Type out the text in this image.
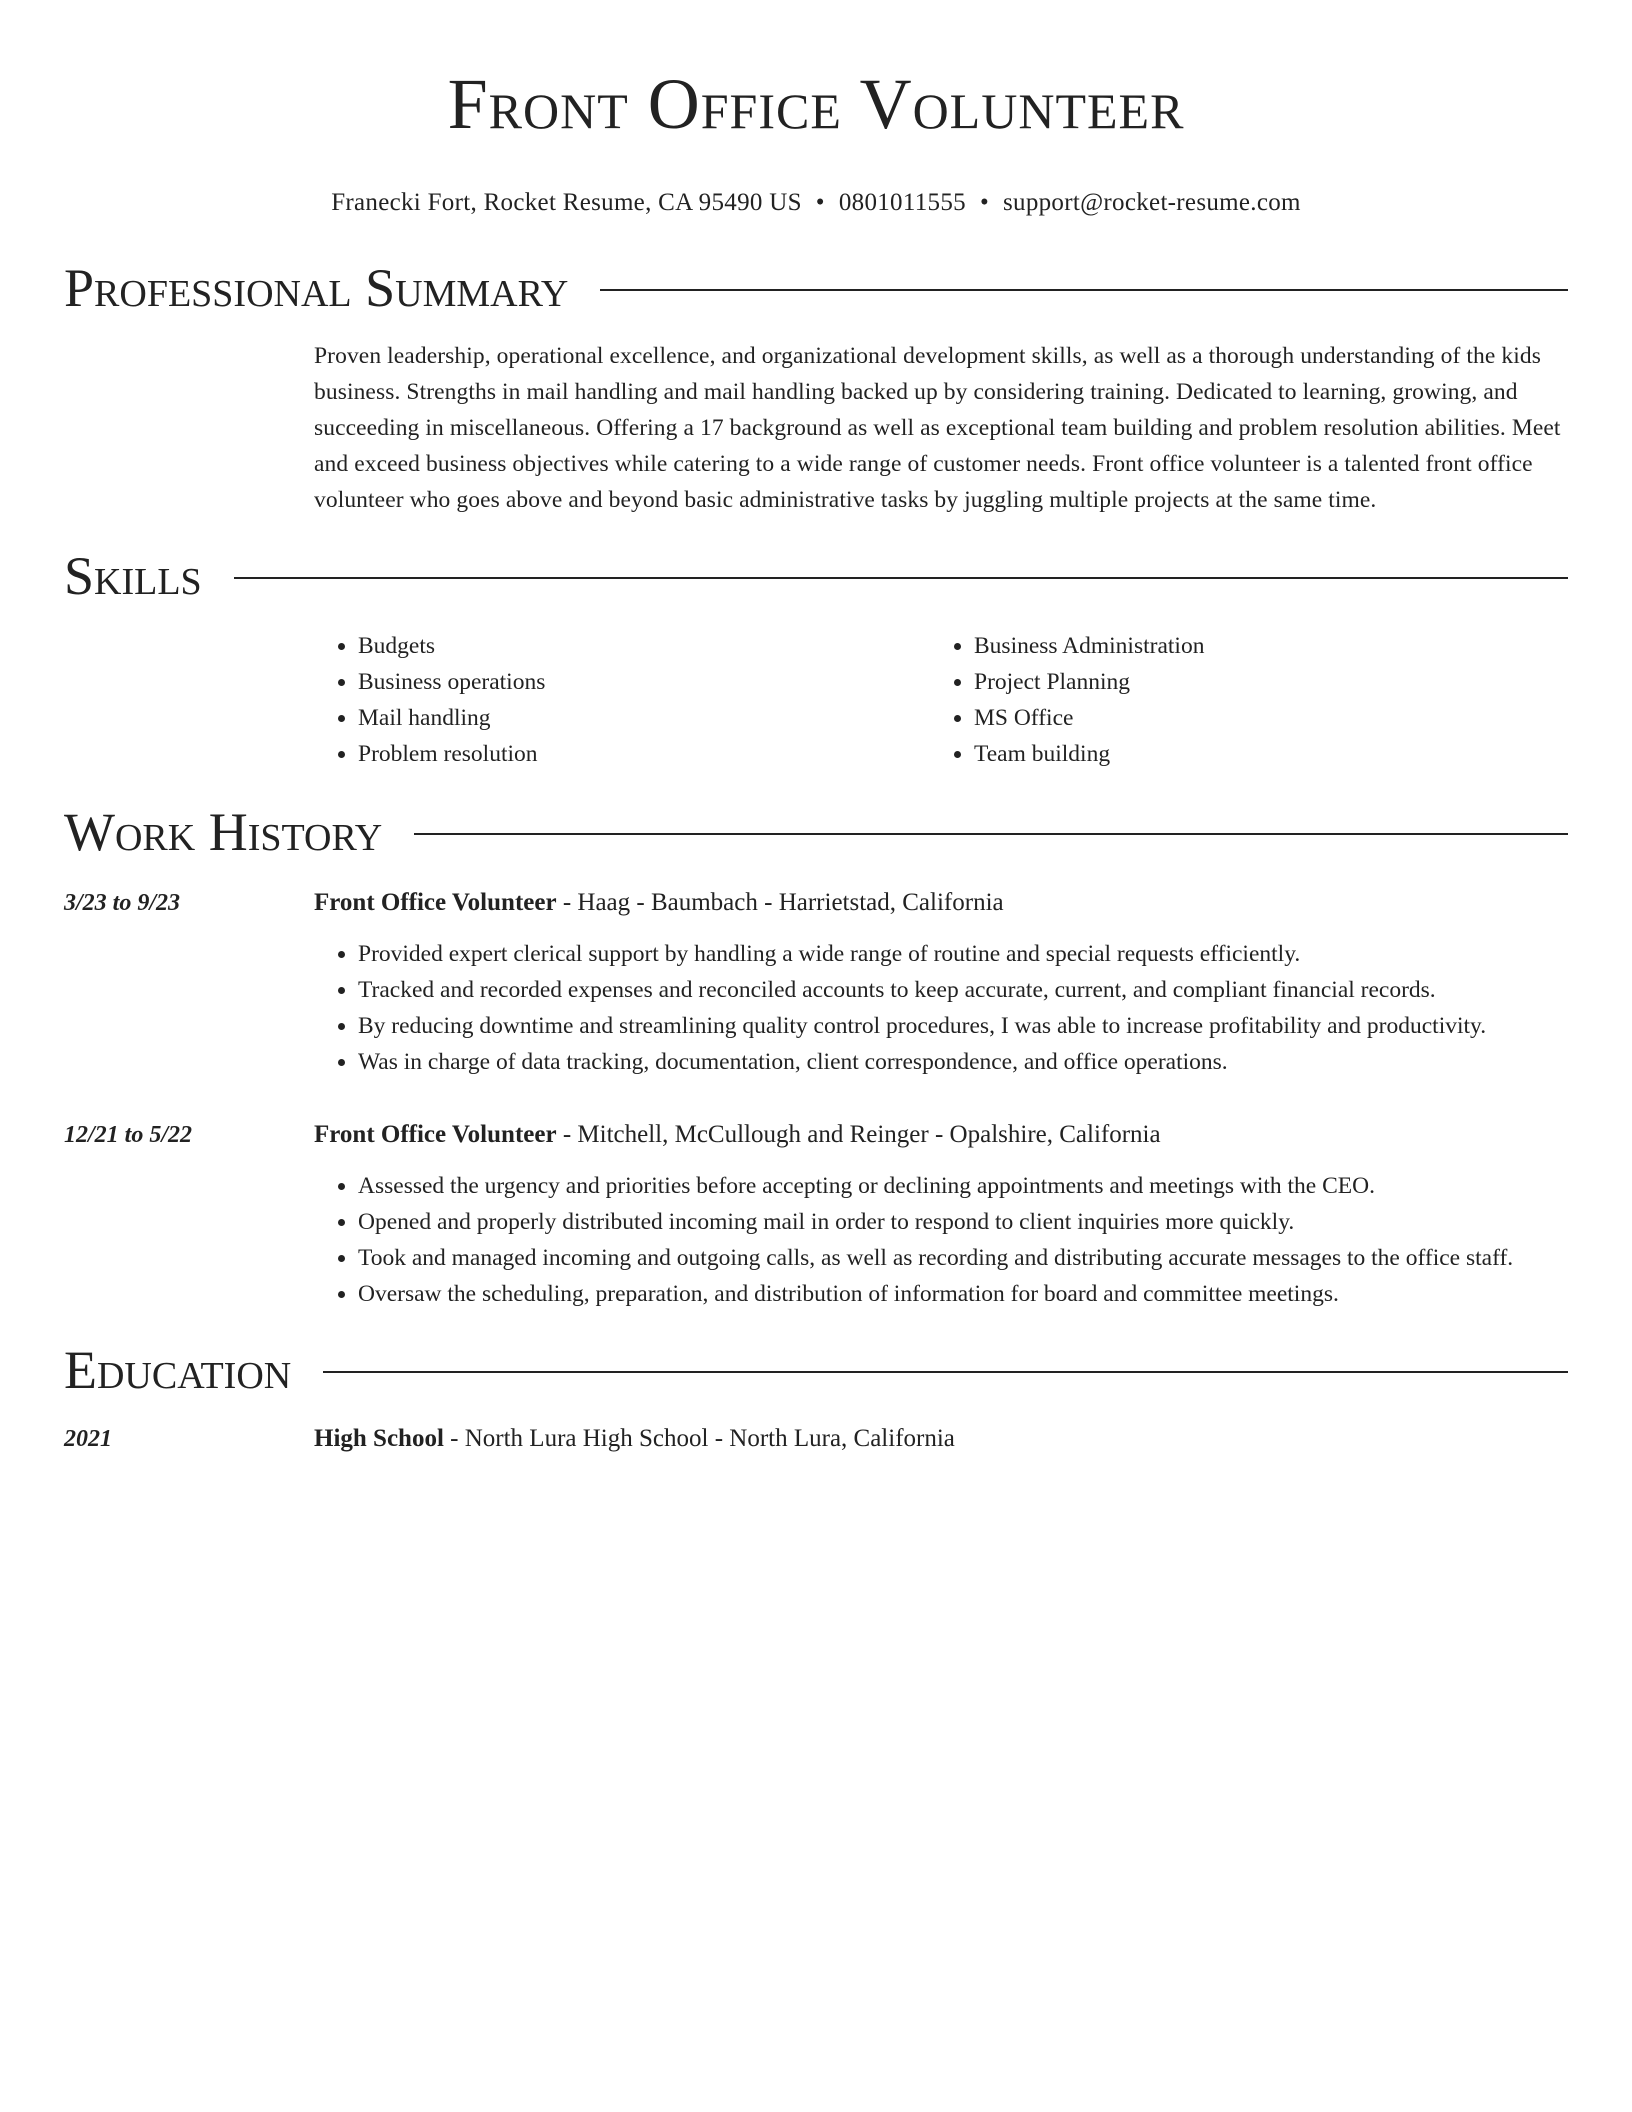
Front Office Volunteer
Franecki Fort, Rocket Resume, CA 95490 US • 0801011555 • support@rocket-resume.com
Professional Summary
Proven leadership, operational excellence, and organizational development skills, as well as a thorough understanding of the kids business. Strengths in mail handling and mail handling backed up by considering training. Dedicated to learning, growing, and succeeding in miscellaneous. Offering a 17 background as well as exceptional team building and problem resolution abilities. Meet and exceed business objectives while catering to a wide range of customer needs. Front office volunteer is a talented front office volunteer who goes above and beyond basic administrative tasks by juggling multiple projects at the same time.
Skills
• Budgets
• Business operations
• Mail handling
• Problem resolution
• Business Administration
• Project Planning
• MS Office
• Team building
Work History
3/23 to 9/23	Front Office Volunteer - Haag - Baumbach - Harrietstad, California
• Provided expert clerical support by handling a wide range of routine and special requests efficiently.
• Tracked and recorded expenses and reconciled accounts to keep accurate, current, and compliant financial records.
• By reducing downtime and streamlining quality control procedures, I was able to increase profitability and productivity.
• Was in charge of data tracking, documentation, client correspondence, and office operations.
12/21 to 5/22	Front Office Volunteer - Mitchell, McCullough and Reinger - Opalshire, California
• Assessed the urgency and priorities before accepting or declining appointments and meetings with the CEO.
• Opened and properly distributed incoming mail in order to respond to client inquiries more quickly.
• Took and managed incoming and outgoing calls, as well as recording and distributing accurate messages to the office staff.
• Oversaw the scheduling, preparation, and distribution of information for board and committee meetings.
Education
2021	High School - North Lura High School - North Lura, California
